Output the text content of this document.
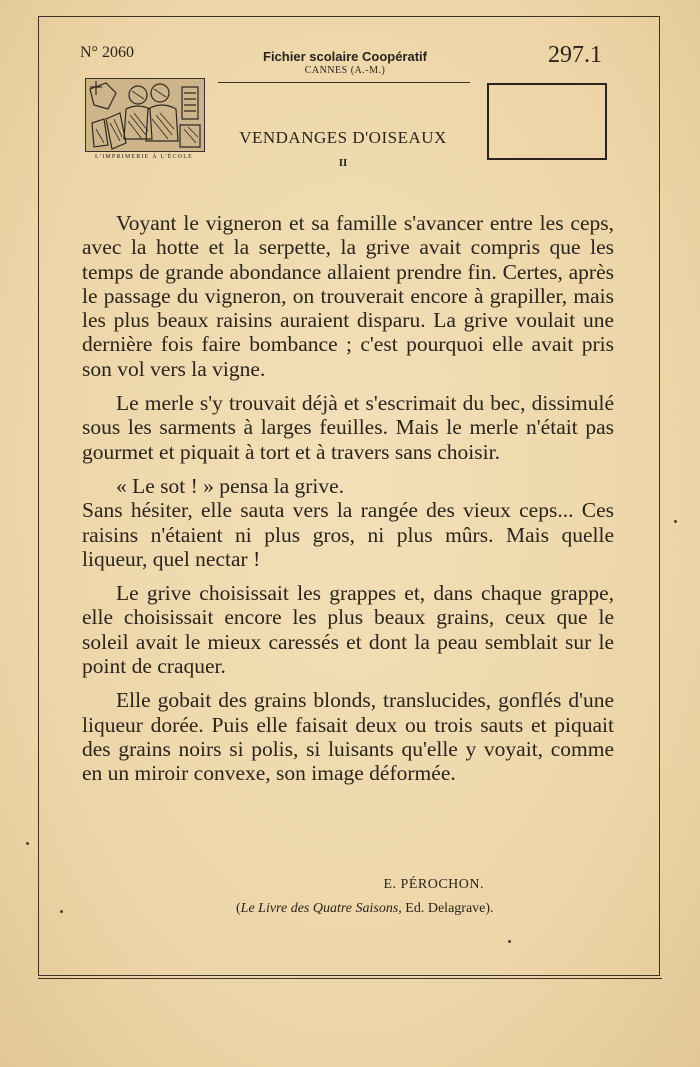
N° 2060	Fichier scolaire Coopératif
CANNES (A.-M.)
297.1
L'IMPRIMERIE À L'ÉCOLE
VENDANGES D'OISEAUX
II

Voyant le vigneron et sa famille s'avancer entre les ceps, avec la hotte et la serpette, la grive avait compris que les temps de grande abondance allaient prendre fin. Certes, après le passage du vigneron, on trouverait encore à grapiller, mais les plus beaux raisins auraient disparu. La grive voulait une dernière fois faire bombance ; c'est pourquoi elle avait pris son vol vers la vigne.

Le merle s'y trouvait déjà et s'escrimait du bec, dissimulé sous les sarments à larges feuilles. Mais le merle n'était pas gourmet et piquait à tort et à travers sans choisir.

« Le sot ! » pensa la grive.

Sans hésiter, elle sauta vers la rangée des vieux ceps... Ces raisins n'étaient ni plus gros, ni plus mûrs. Mais quelle liqueur, quel nectar !

Le grive choisissait les grappes et, dans chaque grappe, elle choisissait encore les plus beaux grains, ceux que le soleil avait le mieux caressés et dont la peau semblait sur le point de craquer.

Elle gobait des grains blonds, translucides, gonflés d'une liqueur dorée. Puis elle faisait deux ou trois sauts et piquait des grains noirs si polis, si luisants qu'elle y voyait, comme en un miroir convexe, son image déformée.

E. PÉROCHON.
(Le Livre des Quatre Saisons, Ed. Delagrave).
